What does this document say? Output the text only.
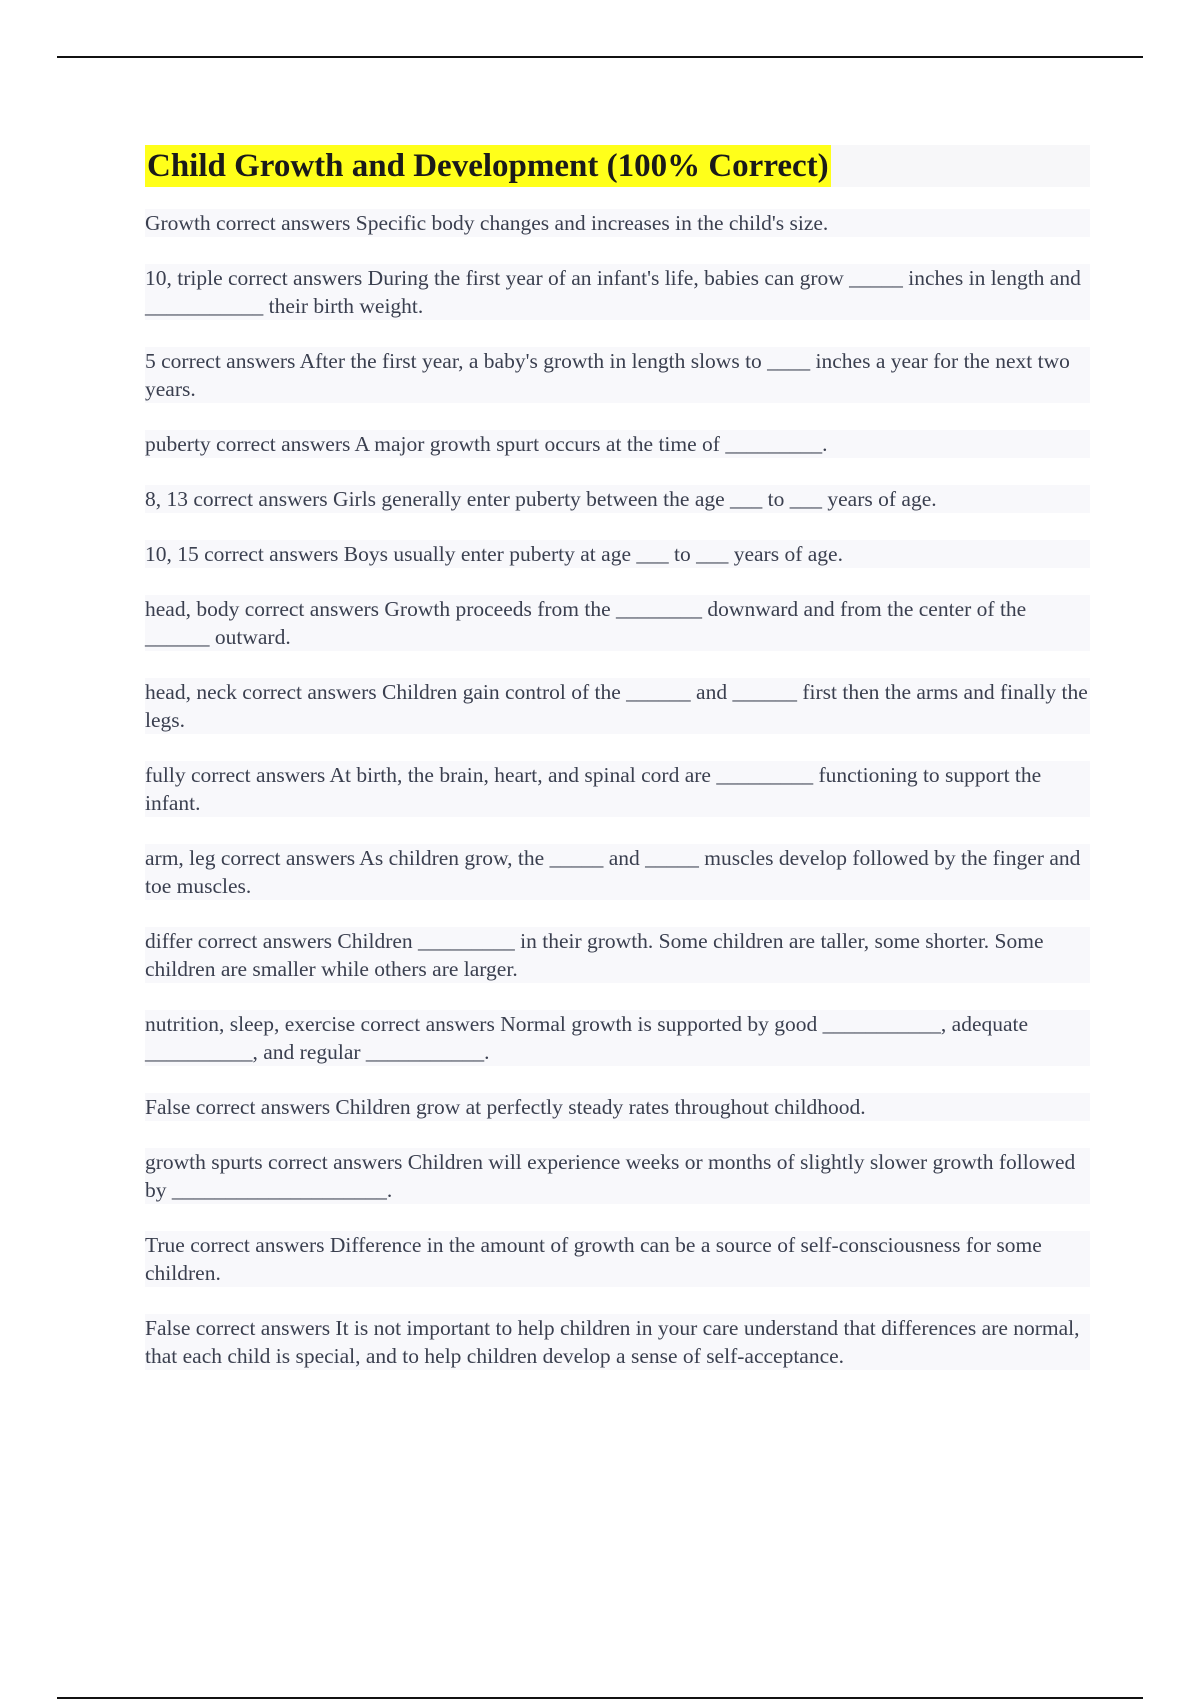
Child Growth and Development (100% Correct)

Growth correct answers Specific body changes and increases in the child's size.

10, triple correct answers During the first year of an infant's life, babies can grow _____ inches in length and ___________ their birth weight.

5 correct answers After the first year, a baby's growth in length slows to ____ inches a year for the next two years.

puberty correct answers A major growth spurt occurs at the time of _________.

8, 13 correct answers Girls generally enter puberty between the age ___ to ___ years of age.

10, 15 correct answers Boys usually enter puberty at age ___ to ___ years of age.

head, body correct answers Growth proceeds from the ________ downward and from the center of the ______ outward.

head, neck correct answers Children gain control of the ______ and ______ first then the arms and finally the legs.

fully correct answers At birth, the brain, heart, and spinal cord are _________ functioning to support the infant.

arm, leg correct answers As children grow, the _____ and _____ muscles develop followed by the finger and toe muscles.

differ correct answers Children _________ in their growth. Some children are taller, some shorter. Some children are smaller while others are larger.

nutrition, sleep, exercise correct answers Normal growth is supported by good ___________, adequate __________, and regular ___________.

False correct answers Children grow at perfectly steady rates throughout childhood.

growth spurts correct answers Children will experience weeks or months of slightly slower growth followed by ____________________.

True correct answers Difference in the amount of growth can be a source of self-consciousness for some children.

False correct answers It is not important to help children in your care understand that differences are normal, that each child is special, and to help children develop a sense of self-acceptance.
